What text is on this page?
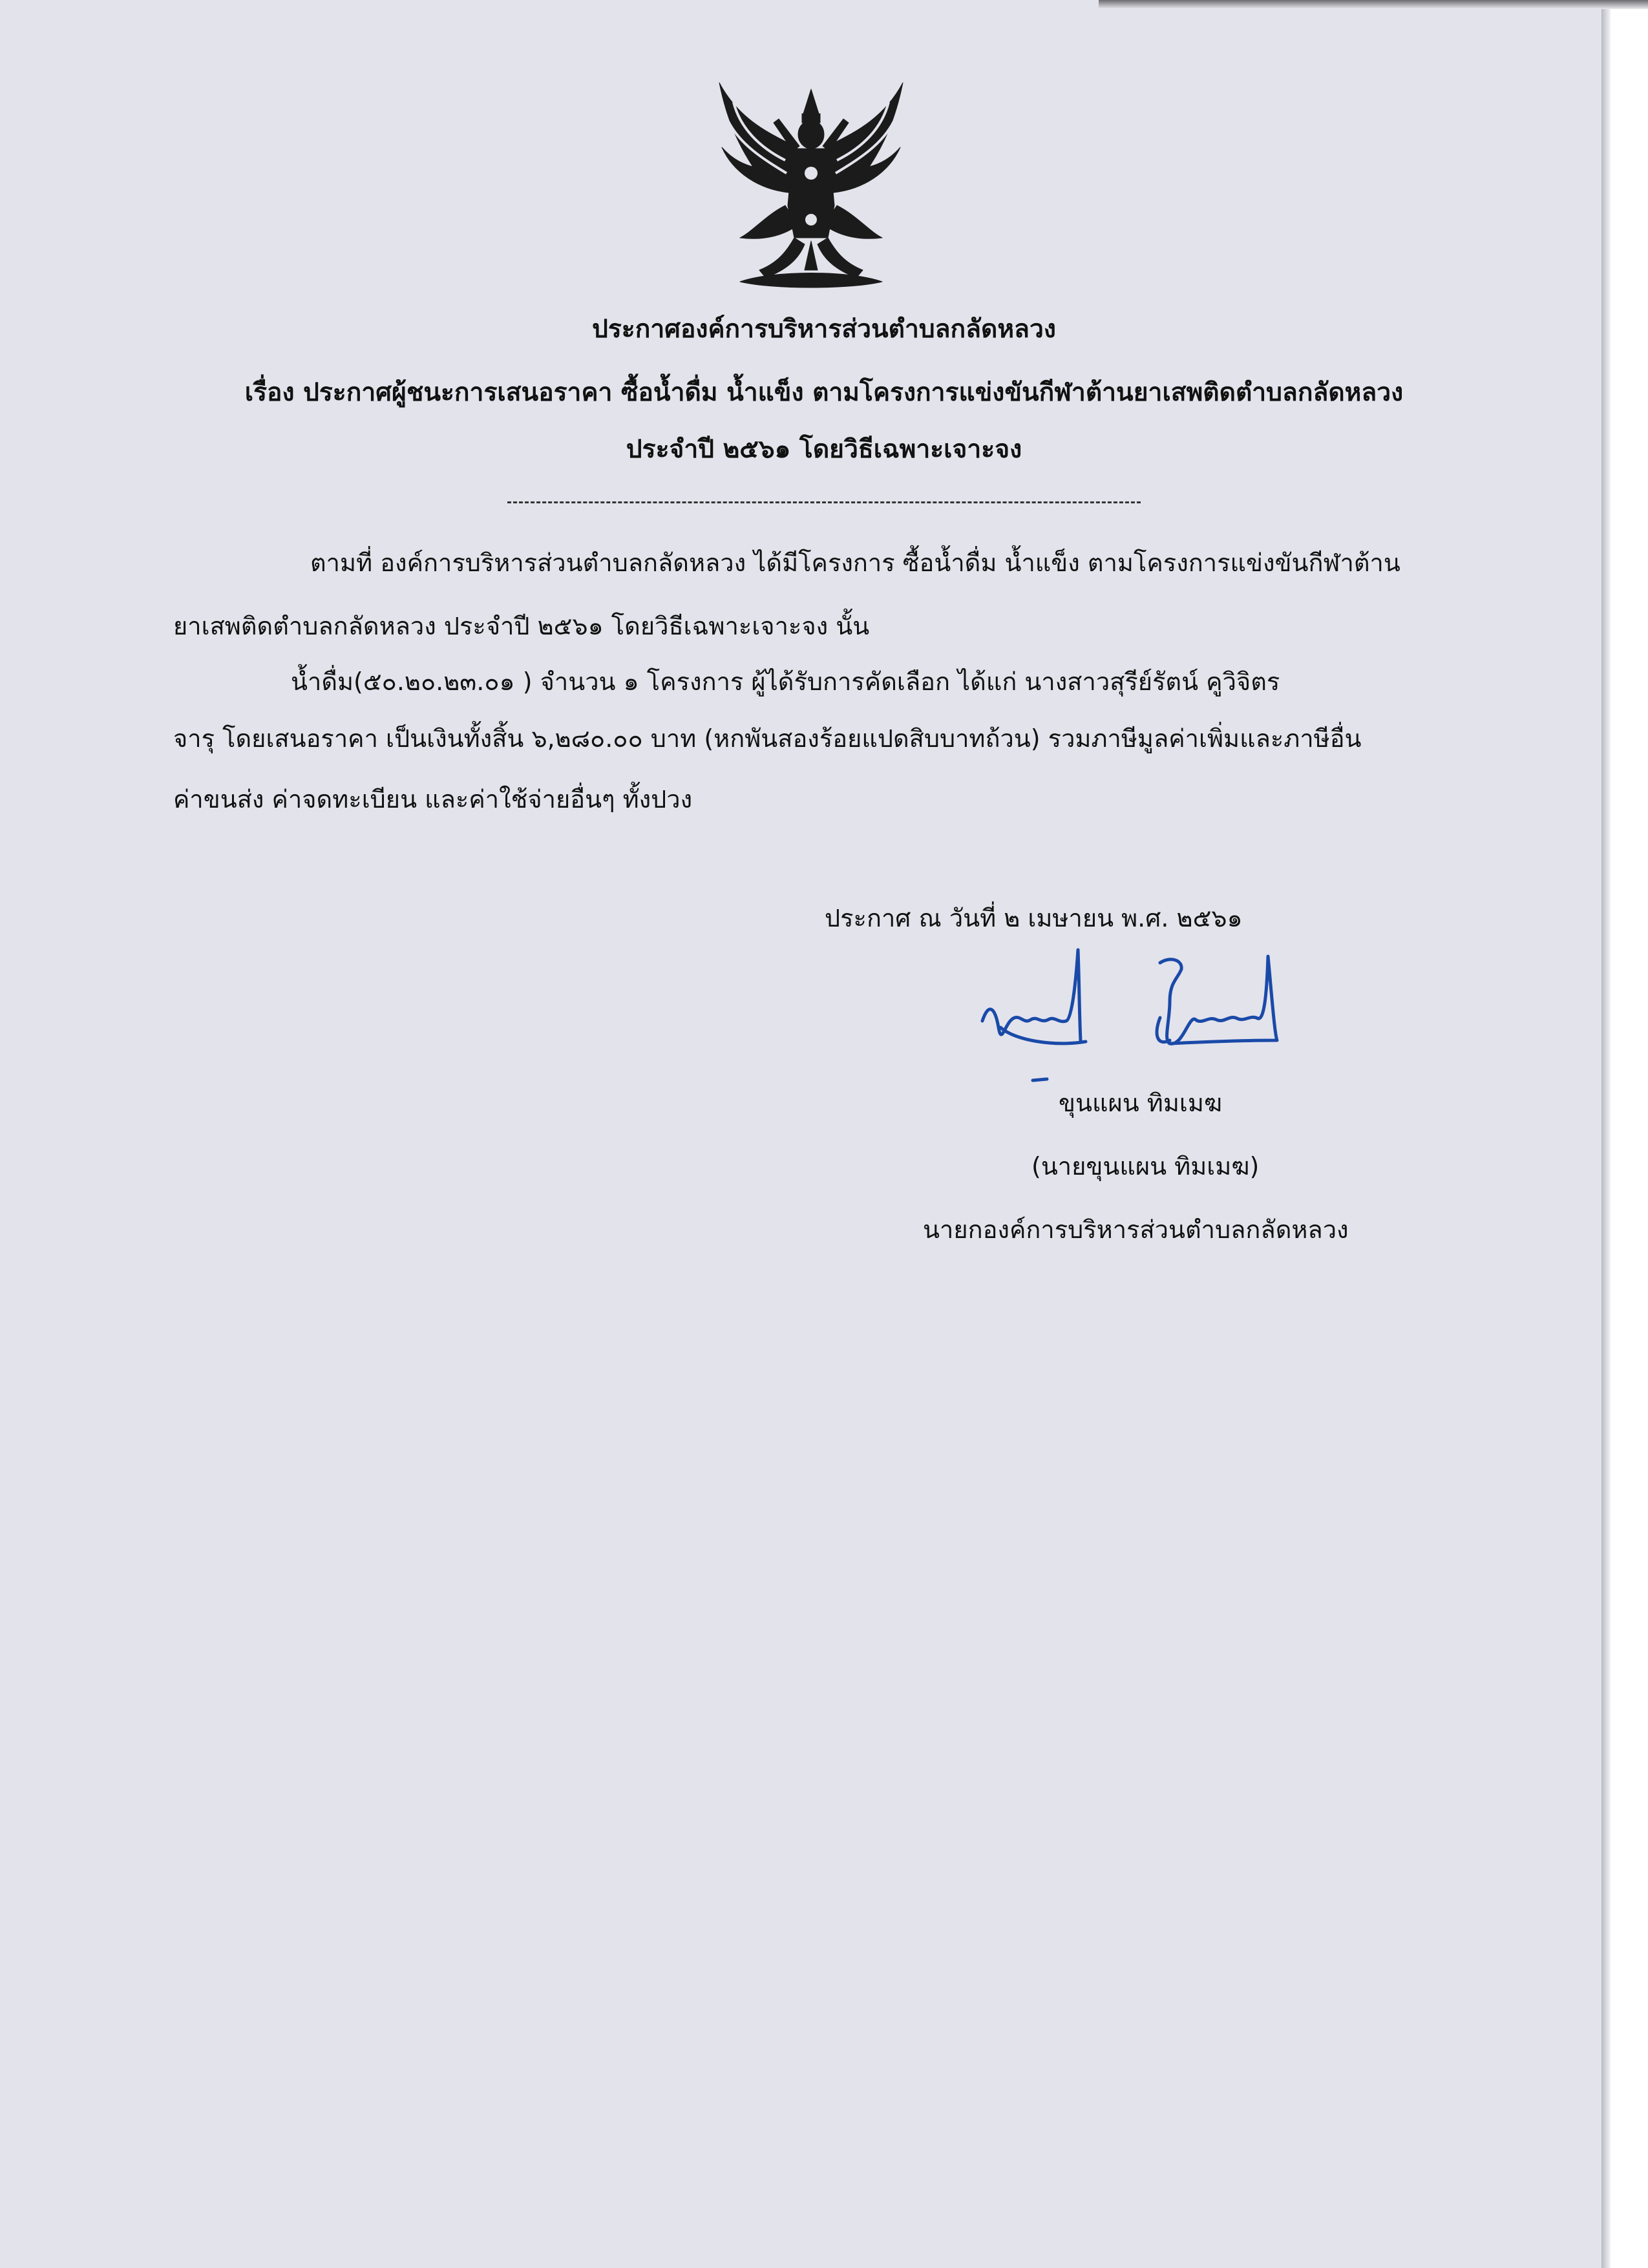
ประกาศองค์การบริหารส่วนตำบลกลัดหลวง
เรื่อง ประกาศผู้ชนะการเสนอราคา ซื้อน้ำดื่ม น้ำแข็ง ตามโครงการแข่งขันกีฬาต้านยาเสพติดตำบลกลัดหลวง
ประจำปี ๒๕๖๑ โดยวิธีเฉพาะเจาะจง
ตามที่ องค์การบริหารส่วนตำบลกลัดหลวง ได้มีโครงการ ซื้อน้ำดื่ม น้ำแข็ง ตามโครงการแข่งขันกีฬาต้าน
ยาเสพติดตำบลกลัดหลวง ประจำปี ๒๕๖๑ โดยวิธีเฉพาะเจาะจง นั้น
น้ำดื่ม(๕๐.๒๐.๒๓.๐๑ ) จำนวน ๑ โครงการ ผู้ได้รับการคัดเลือก ได้แก่ นางสาวสุรีย์รัตน์ คูวิจิตร
จารุ โดยเสนอราคา เป็นเงินทั้งสิ้น ๖,๒๘๐.๐๐ บาท (หกพันสองร้อยแปดสิบบาทถ้วน) รวมภาษีมูลค่าเพิ่มและภาษีอื่น
ค่าขนส่ง ค่าจดทะเบียน และค่าใช้จ่ายอื่นๆ ทั้งปวง
ประกาศ ณ วันที่ ๒ เมษายน พ.ศ. ๒๕๖๑
ขุนแผน ทิมเมฆ
(นายขุนแผน ทิมเมฆ)
นายกองค์การบริหารส่วนตำบลกลัดหลวง
